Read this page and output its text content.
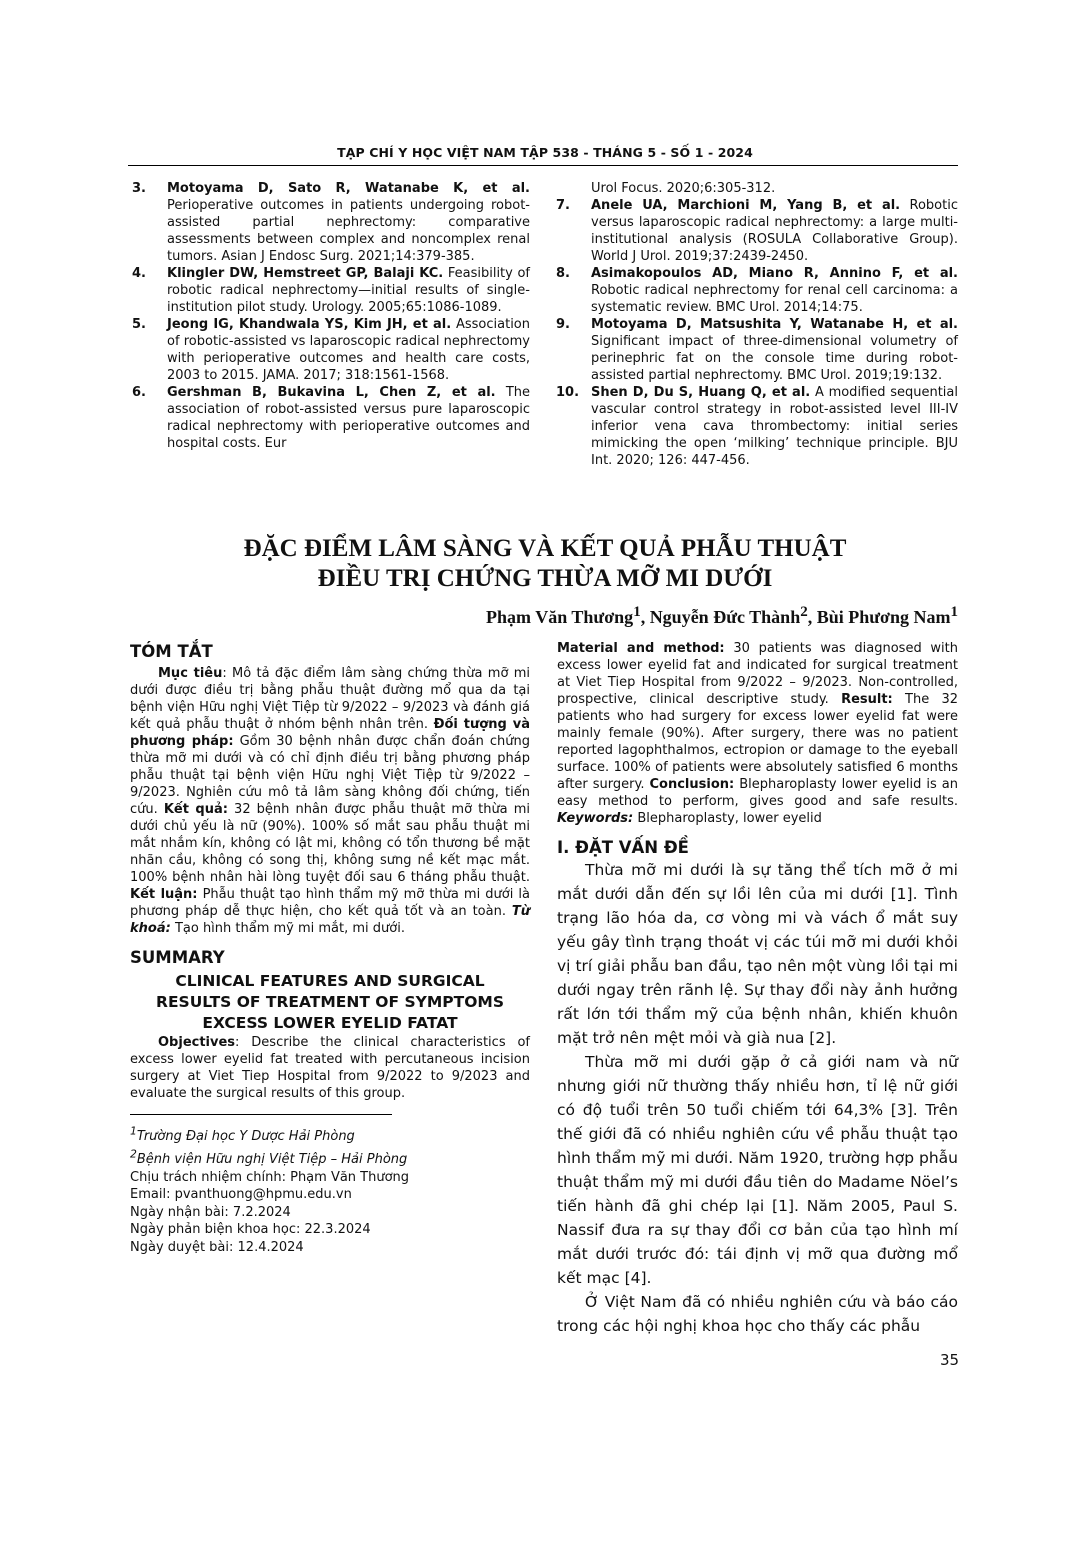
TẠP CHÍ Y HỌC VIỆT NAM TẬP 538 - THÁNG 5 - SỐ 1 - 2024
3.	Motoyama D, Sato R, Watanabe K, et al. Perioperative outcomes in patients undergoing robot-assisted partial nephrectomy: comparative assessments between complex and noncomplex renal tumors. Asian J Endosc Surg. 2021;14:379-385.
4.	Klingler DW, Hemstreet GP, Balaji KC. Feasibility of robotic radical nephrectomy—initial results of single-institution pilot study. Urology. 2005;65:1086-1089.
5.	Jeong IG, Khandwala YS, Kim JH, et al. Association of robotic-assisted vs laparoscopic radical nephrectomy with perioperative outcomes and health care costs, 2003 to 2015. JAMA. 2017; 318:1561-1568.
6.	Gershman B, Bukavina L, Chen Z, et al. The association of robot-assisted versus pure laparoscopic radical nephrectomy with perioperative outcomes and hospital costs. Eur
Urol Focus. 2020;6:305-312.
7.	Anele UA, Marchioni M, Yang B, et al. Robotic versus laparoscopic radical nephrectomy: a large multi-institutional analysis (ROSULA Collaborative Group). World J Urol. 2019;37:2439-2450.
8.	Asimakopoulos AD, Miano R, Annino F, et al. Robotic radical nephrectomy for renal cell carcinoma: a systematic review. BMC Urol. 2014;14:75.
9.	Motoyama D, Matsushita Y, Watanabe H, et al. Significant impact of three-dimensional volumetry of perinephric fat on the console time during robot-assisted partial nephrectomy. BMC Urol. 2019;19:132.
10. Shen D, Du S, Huang Q, et al. A modified sequential vascular control strategy in robot-assisted level III-IV inferior vena cava thrombectomy: initial series mimicking the open ‘milking’ technique principle. BJU Int. 2020; 126: 447-456.
ĐẶC ĐIỂM LÂM SÀNG VÀ KẾT QUẢ PHẪU THUẬT
ĐIỀU TRỊ CHỨNG THỪA MỠ MI DƯỚI
Phạm Văn Thương$^1$, Nguyễn Đức Thành$^2$, Bùi Phương Nam$^1$
TÓM TẮT

Mục tiêu: Mô tả đặc điểm lâm sàng chứng thừa mỡ mi dưới được điều trị bằng phẫu thuật đường mổ qua da tại bệnh viện Hữu nghị Việt Tiệp từ 9/2022 – 9/2023 và đánh giá kết quả phẫu thuật ở nhóm bệnh nhân trên. Đối tượng và phương pháp: Gồm 30 bệnh nhân được chẩn đoán chứng thừa mỡ mi dưới và có chỉ định điều trị bằng phương pháp phẫu thuật tại bệnh viện Hữu nghị Việt Tiệp từ 9/2022 – 9/2023. Nghiên cứu mô tả lâm sàng không đối chứng, tiến cứu. Kết quả: 32 bệnh nhân được phẫu thuật mỡ thừa mi dưới chủ yếu là nữ (90%). 100% số mắt sau phẫu thuật mi mắt nhắm kín, không có lật mi, không có tổn thương bề mặt nhãn cầu, không có song thị, không sưng nề kết mạc mắt. 100% bệnh nhân hài lòng tuyệt đối sau 6 tháng phẫu thuật. Kết luận: Phẫu thuật tạo hình thẩm mỹ mỡ thừa mi dưới là phương pháp dễ thực hiện, cho kết quả tốt và an toàn. Từ khoá: Tạo hình thẩm mỹ mi mắt, mi dưới.

SUMMARY
CLINICAL FEATURES AND SURGICAL
RESULTS OF TREATMENT OF SYMPTOMS
EXCESS LOWER EYELID FATAT

Objectives: Describe the clinical characteristics of excess lower eyelid fat treated with percutaneous incision surgery at Viet Tiep Hospital from 9/2022 to 9/2023 and evaluate the surgical results of this group.

$^1$Trường Đại học Y Dược Hải Phòng

$^2$Bệnh viện Hữu nghị Việt Tiệp – Hải Phòng

Chịu trách nhiệm chính: Phạm Văn Thương

Email: pvanthuong@hpmu.edu.vn

Ngày nhận bài: 7.2.2024

Ngày phản biện khoa học: 22.3.2024

Ngày duyệt bài: 12.4.2024

Material and method: 30 patients was diagnosed with excess lower eyelid fat and indicated for surgical treatment at Viet Tiep Hospital from 9/2022 – 9/2023. Non-controlled, prospective, clinical descriptive study. Result: The 32 patients who had surgery for excess lower eyelid fat were mainly female (90%). After surgery, there was no patient reported lagophthalmos, ectropion or damage to the eyeball surface. 100% of patients were absolutely satisfied 6 months after surgery. Conclusion: Blepharoplasty lower eyelid is an easy method to perform, gives good and safe results. Keywords: Blepharoplasty, lower eyelid

I. ĐẶT VẤN ĐỀ

Thừa mỡ mi dưới là sự tăng thể tích mỡ ở mi mắt dưới dẫn đến sự lồi lên của mi dưới [1]. Tình trạng lão hóa da, cơ vòng mi và vách ổ mắt suy yếu gây tình trạng thoát vị các túi mỡ mi dưới khỏi vị trí giải phẫu ban đầu, tạo nên một vùng lồi tại mi dưới ngay trên rãnh lệ. Sự thay đổi này ảnh hưởng rất lớn tới thẩm mỹ của bệnh nhân, khiến khuôn mặt trở nên mệt mỏi và già nua [2].

Thừa mỡ mi dưới gặp ở cả giới nam và nữ nhưng giới nữ thường thấy nhiều hơn, tỉ lệ nữ giới có độ tuổi trên 50 tuổi chiếm tới 64,3% [3]. Trên thế giới đã có nhiều nghiên cứu về phẫu thuật tạo hình thẩm mỹ mi dưới. Năm 1920, trường hợp phẫu thuật thẩm mỹ mi dưới đầu tiên do Madame Nöel’s tiến hành đã ghi chép lại [1]. Năm 2005, Paul S. Nassif đưa ra sự thay đổi cơ bản của tạo hình mí mắt dưới trước đó: tái định vị mỡ qua đường mổ kết mạc [4].

Ở Việt Nam đã có nhiều nghiên cứu và báo cáo trong các hội nghị khoa học cho thấy các phẫu

35
